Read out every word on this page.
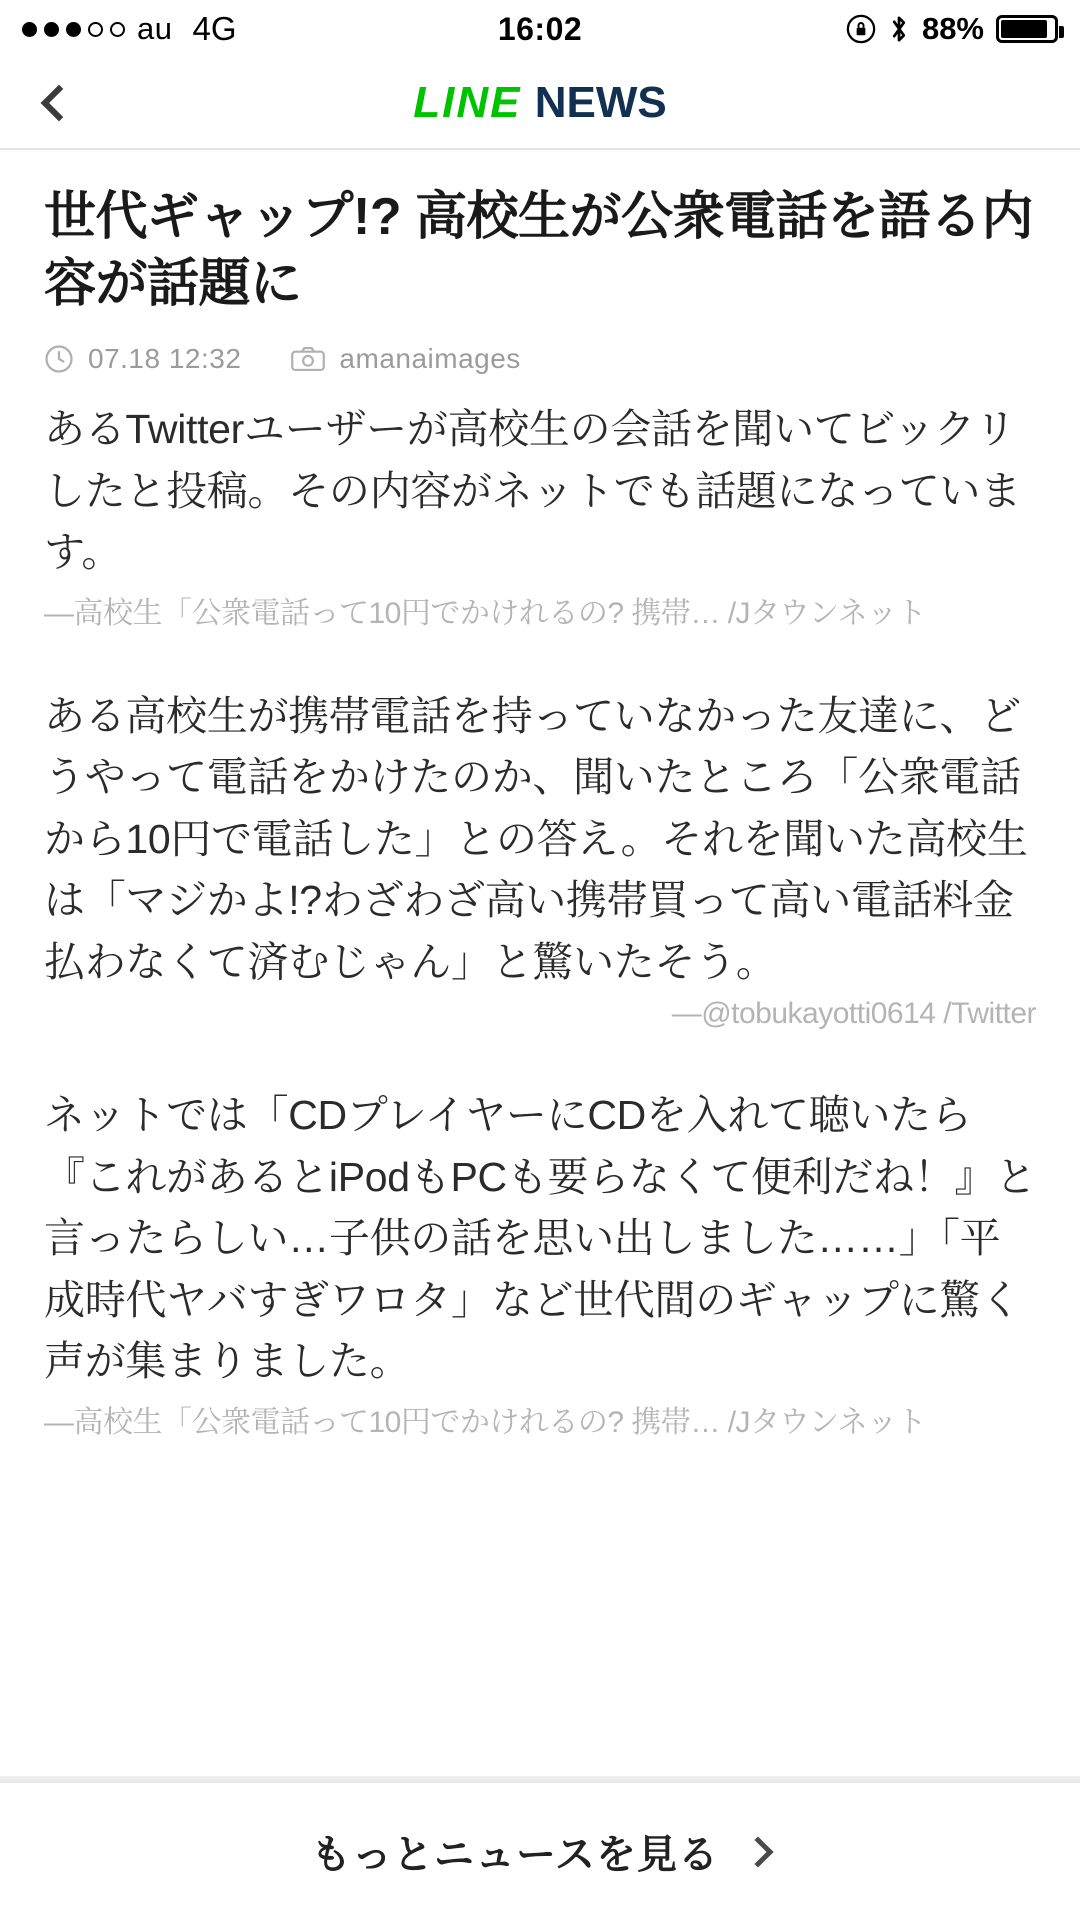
au 4G	16:02	88%
LINE NEWS
世代ギャップ!? 高校生が公衆電話を語る内容が話題に
07.18 12:32	amanaimages

あるTwitterユーザーが高校生の会話を聞いてビックリしたと投稿。その内容がネットでも話題になっています。

—高校生「公衆電話って10円でかけれるの? 携帯… /Jタウンネット

ある高校生が携帯電話を持っていなかった友達に、どうやって電話をかけたのか、聞いたところ「公衆電話から10円で電話した」との答え。それを聞いた高校生は「マジかよ!?わざわざ高い携帯買って高い電話料金払わなくて済むじゃん」と驚いたそう。

—@tobukayotti0614 /Twitter

ネットでは「CDプレイヤーにCDを入れて聴いたら『これがあるとiPodもPCも要らなくて便利だね！』と言ったらしい…子供の話を思い出しました……」「平成時代ヤバすぎワロタ」など世代間のギャップに驚く声が集まりました。

—高校生「公衆電話って10円でかけれるの? 携帯… /Jタウンネット
もっとニュースを見る
